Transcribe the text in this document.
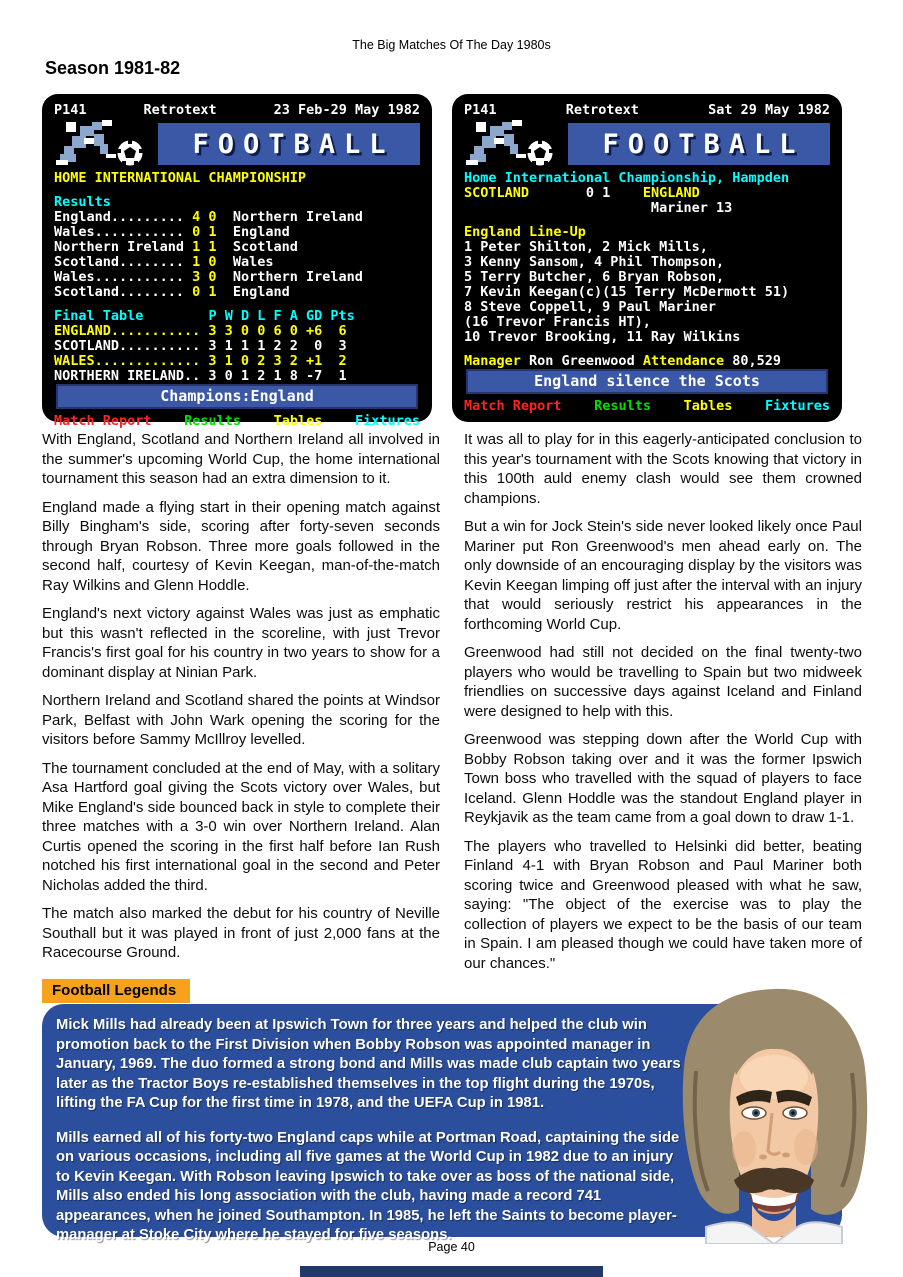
The Big Matches Of The Day 1980s
Season 1981-82
P141	Retrotext	23 Feb-29 May 1982
FOOTBALL
HOME INTERNATIONAL CHAMPIONSHIP
Results
England......... 4 0  Northern Ireland
Wales........... 0 1  England
Northern Ireland 1 1  Scotland
Scotland........ 1 0  Wales
Wales........... 3 0  Northern Ireland
Scotland........ 0 1  England
Final Table        P W D L F A GD Pts
ENGLAND........... 3 3 0 0 6 0 +6  6
SCOTLAND.......... 3 1 1 1 2 2  0  3
WALES............. 3 1 0 2 3 2 +1  2
NORTHERN IRELAND.. 3 0 1 2 1 8 -7  1
Champions:England
Match Report Results Tables Fixtures
P141	Retrotext	Sat 29 May 1982
FOOTBALL
Home International Championship, Hampden
SCOTLAND       0 1    ENGLAND
Mariner 13
England Line-Up
1 Peter Shilton, 2 Mick Mills,
3 Kenny Sansom, 4 Phil Thompson,
5 Terry Butcher, 6 Bryan Robson,
7 Kevin Keegan(c)(15 Terry McDermott 51)
8 Steve Coppell, 9 Paul Mariner
(16 Trevor Francis HT),
10 Trevor Brooking, 11 Ray Wilkins
Manager Ron Greenwood Attendance 80,529
England silence the Scots
Match Report Results Tables Fixtures

With England, Scotland and Northern Ireland all involved in the summer's upcoming World Cup, the home international tournament this season had an extra dimension to it.

England made a flying start in their opening match against Billy Bingham's side, scoring after forty-seven seconds through Bryan Robson. Three more goals followed in the second half, courtesy of Kevin Keegan, man-of-the-match Ray Wilkins and Glenn Hoddle.

England's next victory against Wales was just as emphatic but this wasn't reflected in the scoreline, with just Trevor Francis's first goal for his country in two years to show for a dominant display at Ninian Park.

Northern Ireland and Scotland shared the points at Windsor Park, Belfast with John Wark opening the scoring for the visitors before Sammy McIllroy levelled.

The tournament concluded at the end of May, with a solitary Asa Hartford goal giving the Scots victory over Wales, but Mike England's side bounced back in style to complete their three matches with a 3-0 win over Northern Ireland. Alan Curtis opened the scoring in the first half before Ian Rush notched his first international goal in the second and Peter Nicholas added the third.

The match also marked the debut for his country of Neville Southall but it was played in front of just 2,000 fans at the Racecourse Ground.

It was all to play for in this eagerly-anticipated conclusion to this year's tournament with the Scots knowing that victory in this 100th auld enemy clash would see them crowned champions.

But a win for Jock Stein's side never looked likely once Paul Mariner put Ron Greenwood's men ahead early on. The only downside of an encouraging display by the visitors was Kevin Keegan limping off just after the interval with an injury that would seriously restrict his appearances in the forthcoming World Cup.

Greenwood had still not decided on the final twenty-two players who would be travelling to Spain but two midweek friendlies on successive days against Iceland and Finland were designed to help with this.

Greenwood was stepping down after the World Cup with Bobby Robson taking over and it was the former Ipswich Town boss who travelled with the squad of players to face Iceland. Glenn Hoddle was the standout England player in Reykjavik as the team came from a goal down to draw 1-1.

The players who travelled to Helsinki did better, beating Finland 4-1 with Bryan Robson and Paul Mariner both scoring twice and Greenwood pleased with what he saw, saying: "The object of the exercise was to play the collection of players we expect to be the basis of our team in Spain. I am pleased though we could have taken more of our chances."

Football Legends

Mick Mills had already been at Ipswich Town for three years and helped the club win promotion back to the First Division when Bobby Robson was appointed manager in January, 1969. The duo formed a strong bond and Mills was made club captain two years later as the Tractor Boys re-established themselves in the top flight during the 1970s, lifting the FA Cup for the first time in 1978, and the UEFA Cup in 1981.

Mills earned all of his forty-two England caps while at Portman Road, captaining the side on various occasions, including all five games at the World Cup in 1982 due to an injury to Kevin Keegan. With Robson leaving Ipswich to take over as boss of the national side, Mills also ended his long association with the club, having made a record 741 appearances, when he joined Southampton. In 1985, he left the Saints to become player-manager at Stoke City where he stayed for five seasons.

Page 40
